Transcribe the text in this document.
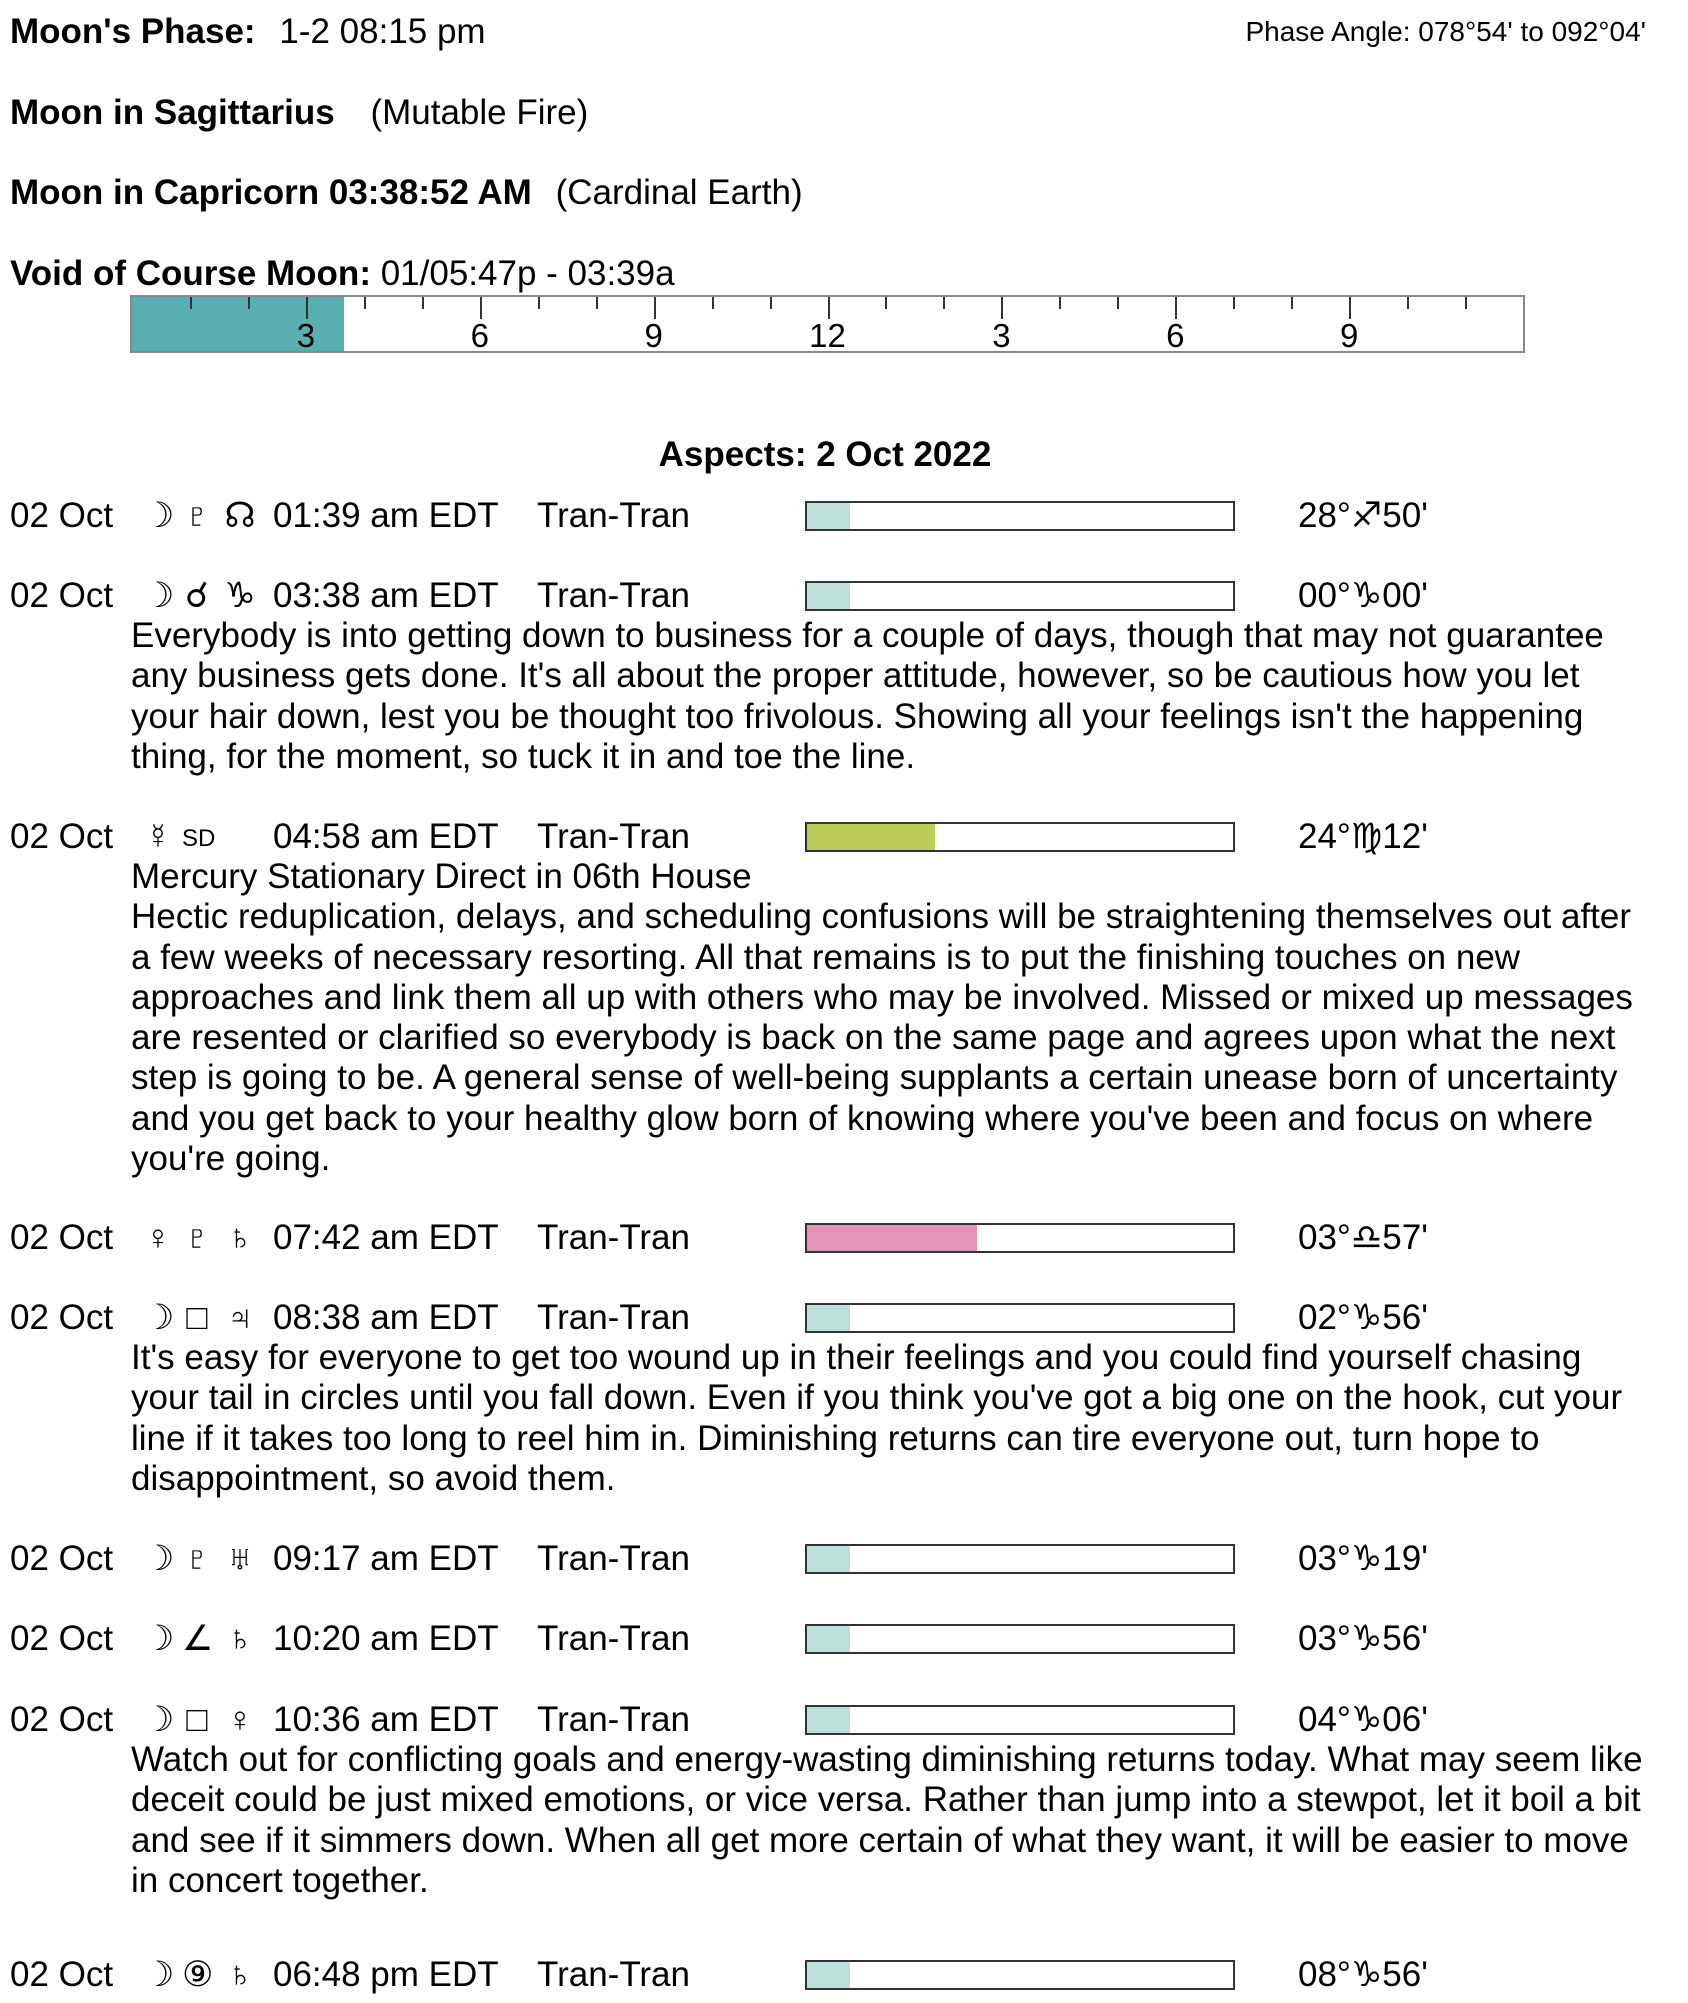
Moon's Phase: 1-2 08:15 pm	Phase Angle: 078°54' to 092°04'
Moon in Sagittarius (Mutable Fire)
Moon in Capricorn 03:38:52 AM (Cardinal Earth)
Void of Course Moon: 01/05:47p - 03:39a
3	6	9	12	3	6	9
Aspects: 2 Oct 2022
02 Oct ☽ ♇ ☊ 01:39 am EDT Tran-Tran	28°♐50'
02 Oct ☽ ☌ ♑ 03:38 am EDT Tran-Tran	00°♑00'

Everybody is into getting down to business for a couple of days, though that may not guarantee any business gets done. It's all about the proper attitude, however, so be cautious how you let your hair down, lest you be thought too frivolous. Showing all your feelings isn't the happening thing, for the moment, so tuck it in and toe the line.

02 Oct ☿ SD 04:58 am EDT Tran-Tran	24°♍12'

Mercury Stationary Direct in 06th House

Hectic reduplication, delays, and scheduling confusions will be straightening themselves out after a few weeks of necessary resorting. All that remains is to put the finishing touches on new approaches and link them all up with others who may be involved. Missed or mixed up messages are resented or clarified so everybody is back on the same page and agrees upon what the next step is going to be. A general sense of well-being supplants a certain unease born of uncertainty and you get back to your healthy glow born of knowing where you've been and focus on where you're going.

02 Oct ♀ ♇ ♄ 07:42 am EDT Tran-Tran	03°♎57'
02 Oct ☽ □ ♃ 08:38 am EDT Tran-Tran	02°♑56'

It's easy for everyone to get too wound up in their feelings and you could find yourself chasing your tail in circles until you fall down. Even if you think you've got a big one on the hook, cut your line if it takes too long to reel him in. Diminishing returns can tire everyone out, turn hope to disappointment, so avoid them.

02 Oct ☽ ♇ ♅ 09:17 am EDT Tran-Tran	03°♑19'
02 Oct ☽ ∠ ♄ 10:20 am EDT Tran-Tran	03°♑56'
02 Oct ☽ □ ♀ 10:36 am EDT Tran-Tran	04°♑06'

Watch out for conflicting goals and energy-wasting diminishing returns today. What may seem like deceit could be just mixed emotions, or vice versa. Rather than jump into a stewpot, let it boil a bit and see if it simmers down. When all get more certain of what they want, it will be easier to move in concert together.

02 Oct ☽ ⑨ ♄ 06:48 pm EDT Tran-Tran	08°♑56'
